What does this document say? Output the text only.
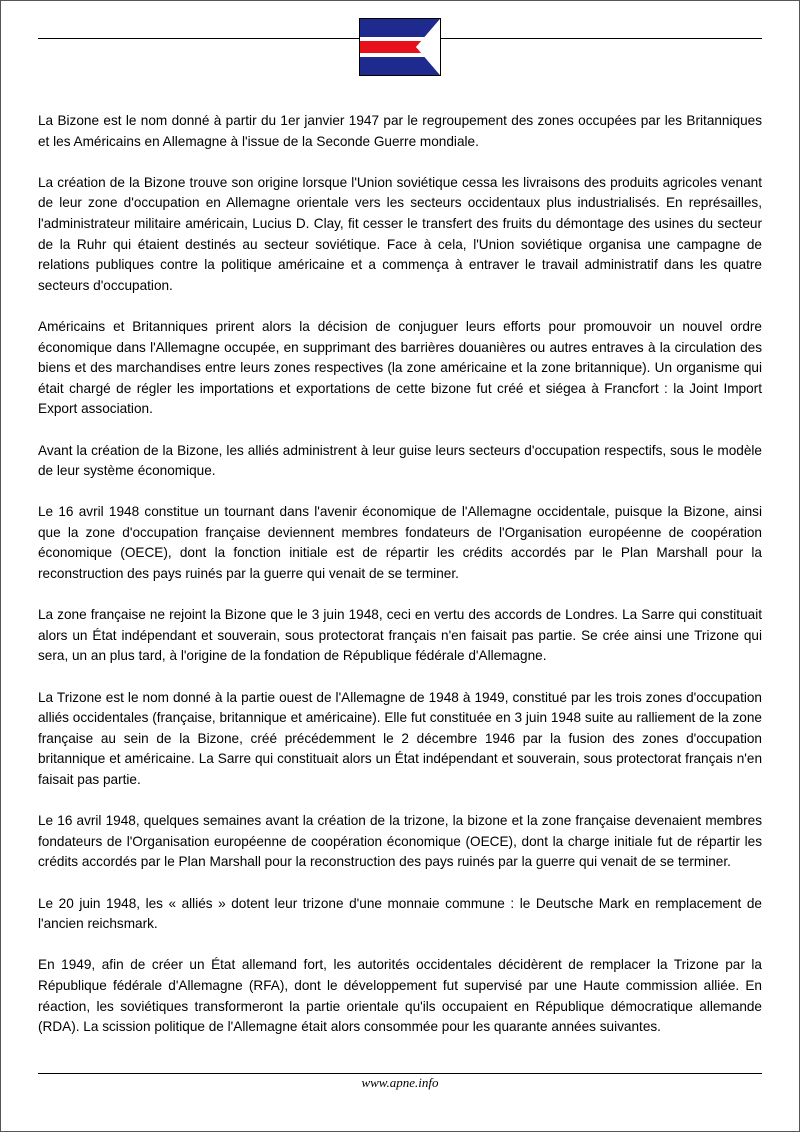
La Bizone est le nom donné à partir du 1er janvier 1947 par le regroupement des zones occupées par les Britanniques et les Américains en Allemagne à l'issue de la Seconde Guerre mondiale.

La création de la Bizone trouve son origine lorsque l'Union soviétique cessa les livraisons des produits agricoles venant de leur zone d'occupation en Allemagne orientale vers les secteurs occidentaux plus industrialisés. En représailles, l'administrateur militaire américain, Lucius D. Clay, fit cesser le transfert des fruits du démontage des usines du secteur de la Ruhr qui étaient destinés au secteur soviétique. Face à cela, l'Union soviétique organisa une campagne de relations publiques contre la politique américaine et a commença à entraver le travail administratif dans les quatre secteurs d'occupation.

Américains et Britanniques prirent alors la décision de conjuguer leurs efforts pour promouvoir un nouvel ordre économique dans l'Allemagne occupée, en supprimant des barrières douanières ou autres entraves à la circulation des biens et des marchandises entre leurs zones respectives (la zone américaine et la zone britannique). Un organisme qui était chargé de régler les importations et exportations de cette bizone fut créé et siégea à Francfort : la Joint Import Export association.

Avant la création de la Bizone, les alliés administrent à leur guise leurs secteurs d'occupation respectifs, sous le modèle de leur système économique.

Le 16 avril 1948 constitue un tournant dans l'avenir économique de l'Allemagne occidentale, puisque la Bizone, ainsi que la zone d'occupation française deviennent membres fondateurs de l'Organisation européenne de coopération économique (OECE), dont la fonction initiale est de répartir les crédits accordés par le Plan Marshall pour la reconstruction des pays ruinés par la guerre qui venait de se terminer.

La zone française ne rejoint la Bizone que le 3 juin 1948, ceci en vertu des accords de Londres. La Sarre qui constituait alors un État indépendant et souverain, sous protectorat français n'en faisait pas partie. Se crée ainsi une Trizone qui sera, un an plus tard, à l'origine de la fondation de République fédérale d'Allemagne.

La Trizone est le nom donné à la partie ouest de l'Allemagne de 1948 à 1949, constitué par les trois zones d'occupation alliés occidentales (française, britannique et américaine). Elle fut constituée en 3 juin 1948 suite au ralliement de la zone française au sein de la Bizone, créé précédemment le 2 décembre 1946 par la fusion des zones d'occupation britannique et américaine. La Sarre qui constituait alors un État indépendant et souverain, sous protectorat français n'en faisait pas partie.

Le 16 avril 1948, quelques semaines avant la création de la trizone, la bizone et la zone française devenaient membres fondateurs de l'Organisation européenne de coopération économique (OECE), dont la charge initiale fut de répartir les crédits accordés par le Plan Marshall pour la reconstruction des pays ruinés par la guerre qui venait de se terminer.

Le 20 juin 1948, les « alliés » dotent leur trizone d'une monnaie commune : le Deutsche Mark en remplacement de l'ancien reichsmark.

En 1949, afin de créer un État allemand fort, les autorités occidentales décidèrent de remplacer la Trizone par la République fédérale d'Allemagne (RFA), dont le développement fut supervisé par une Haute commission alliée. En réaction, les soviétiques transformeront la partie orientale qu'ils occupaient en République démocratique allemande (RDA). La scission politique de l'Allemagne était alors consommée pour les quarante années suivantes.

www.apne.info
